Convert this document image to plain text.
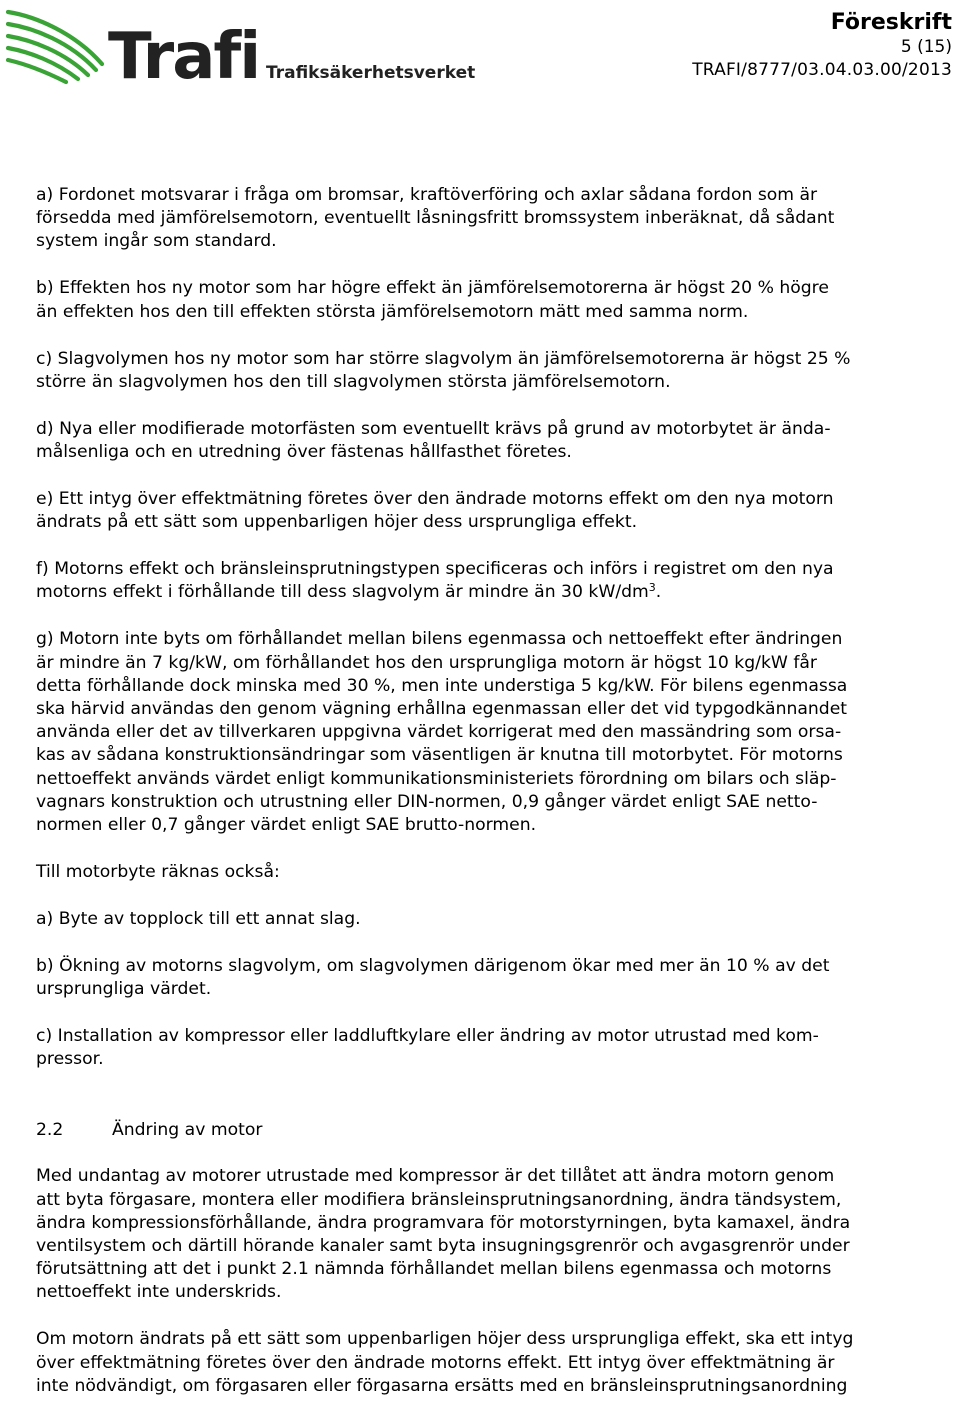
Trafi Trafiksäkerhetsverket
Föreskrift
5 (15)
TRAFI/8777/03.04.03.00/2013
a) Fordonet motsvarar i fråga om bromsar, kraftöverföring och axlar sådana fordon som är
försedda med jämförelsemotorn, eventuellt låsningsfritt bromssystem inberäknat, då sådant
system ingår som standard.
b) Effekten hos ny motor som har högre effekt än jämförelsemotorerna är högst 20 % högre
än effekten hos den till effekten största jämförelsemotorn mätt med samma norm.
c) Slagvolymen hos ny motor som har större slagvolym än jämförelsemotorerna är högst 25 %
större än slagvolymen hos den till slagvolymen största jämförelsemotorn.
d) Nya eller modifierade motorfästen som eventuellt krävs på grund av motorbytet är ända-
målsenliga och en utredning över fästenas hållfasthet företes.
e) Ett intyg över effektmätning företes över den ändrade motorns effekt om den nya motorn
ändrats på ett sätt som uppenbarligen höjer dess ursprungliga effekt.
f) Motorns effekt och bränsleinsprutningstypen specificeras och införs i registret om den nya
motorns effekt i förhållande till dess slagvolym är mindre än 30 $kW/dm^3$.
g) Motorn inte byts om förhållandet mellan bilens egenmassa och nettoeffekt efter ändringen
är mindre än 7 kg/kW, om förhållandet hos den ursprungliga motorn är högst 10 kg/kW får
detta förhållande dock minska med 30 %, men inte understiga 5 kg/kW. För bilens egenmassa
ska härvid användas den genom vägning erhållna egenmassan eller det vid typgodkännandet
använda eller det av tillverkaren uppgivna värdet korrigerat med den massändring som orsa-
kas av sådana konstruktionsändringar som väsentligen är knutna till motorbytet. För motorns
nettoeffekt används värdet enligt kommunikationsministeriets förordning om bilars och släp-
vagnars konstruktion och utrustning eller DIN-normen, 0,9 gånger värdet enligt SAE netto-
normen eller 0,7 gånger värdet enligt SAE brutto-normen.
Till motorbyte räknas också:
a) Byte av topplock till ett annat slag.
b) Ökning av motorns slagvolym, om slagvolymen därigenom ökar med mer än 10 % av det
ursprungliga värdet.
c) Installation av kompressor eller laddluftkylare eller ändring av motor utrustad med kom-
pressor.
2.2	Ändring av motor
Med undantag av motorer utrustade med kompressor är det tillåtet att ändra motorn genom
att byta förgasare, montera eller modifiera bränsleinsprutningsanordning, ändra tändsystem,
ändra kompressionsförhållande, ändra programvara för motorstyrningen, byta kamaxel, ändra
ventilsystem och därtill hörande kanaler samt byta insugningsgrenrör och avgasgrenrör under
förutsättning att det i punkt 2.1 nämnda förhållandet mellan bilens egenmassa och motorns
nettoeffekt inte underskrids.
Om motorn ändrats på ett sätt som uppenbarligen höjer dess ursprungliga effekt, ska ett intyg
över effektmätning företes över den ändrade motorns effekt. Ett intyg över effektmätning är
inte nödvändigt, om förgasaren eller förgasarna ersätts med en bränsleinsprutningsanordning
